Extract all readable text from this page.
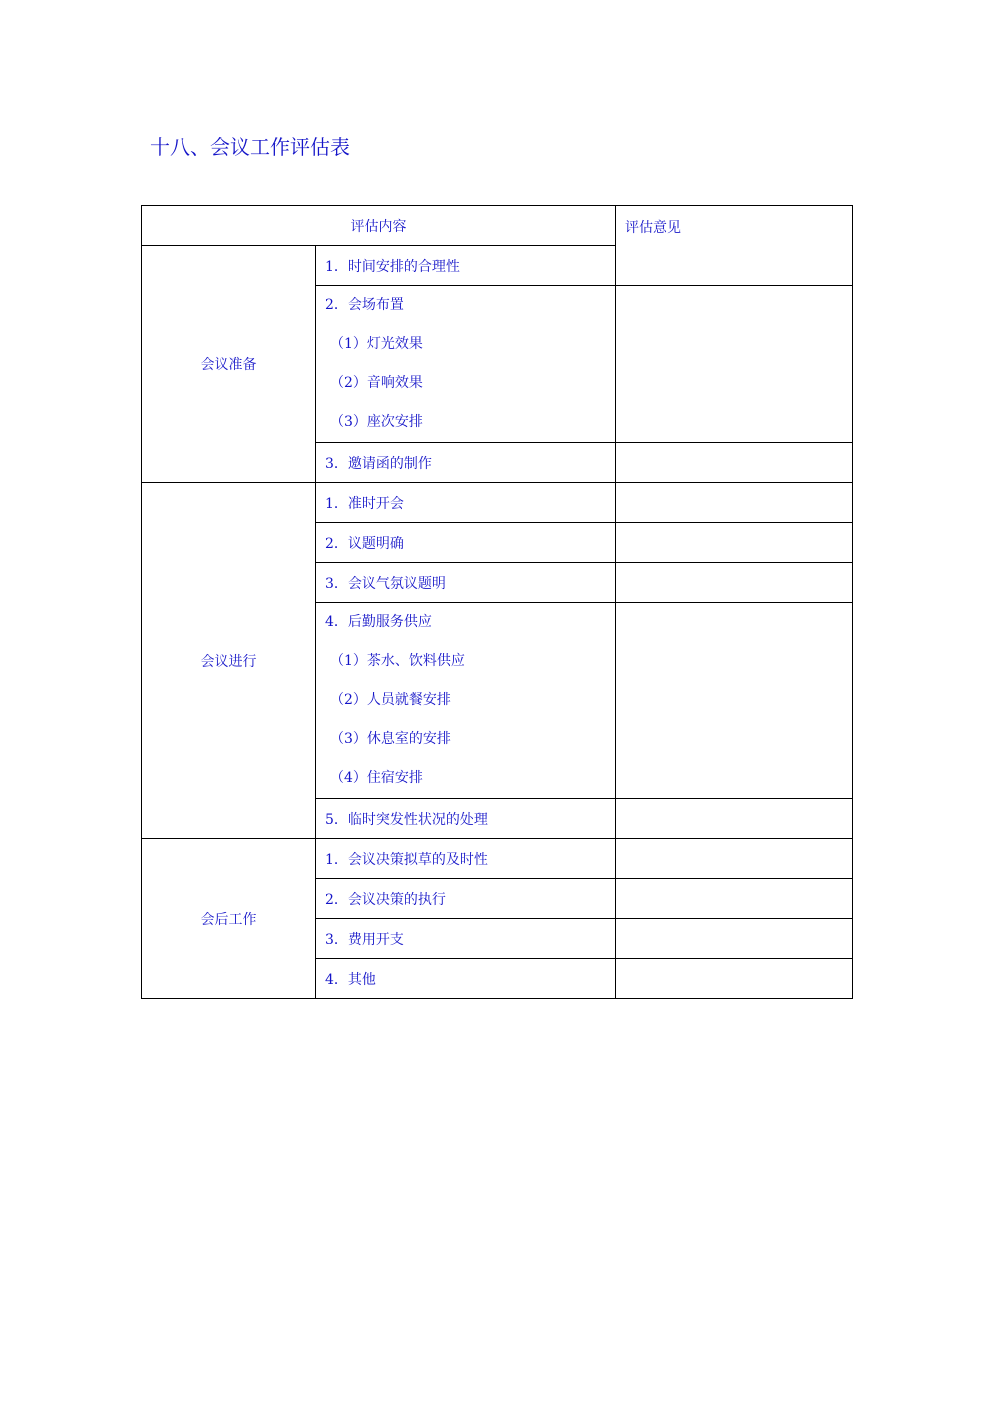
十八、会议工作评估表
评估内容		评估意见
会议准备	1．时间安排的合理性	

	2．会场布置
（1）灯光效果
（2）音响效果
（3）座次安排	

	3．邀请函的制作	
会议进行	1．准时开会	
	2．议题明确	
	3．会议气氛议题明	

	4．后勤服务供应
（1）茶水、饮料供应
（2）人员就餐安排
（3）休息室的安排
（4）住宿安排	

	5．临时突发性状况的处理	
会后工作	1．会议决策拟草的及时性	
	2．会议决策的执行	
	3．费用开支	
	4．其他	
